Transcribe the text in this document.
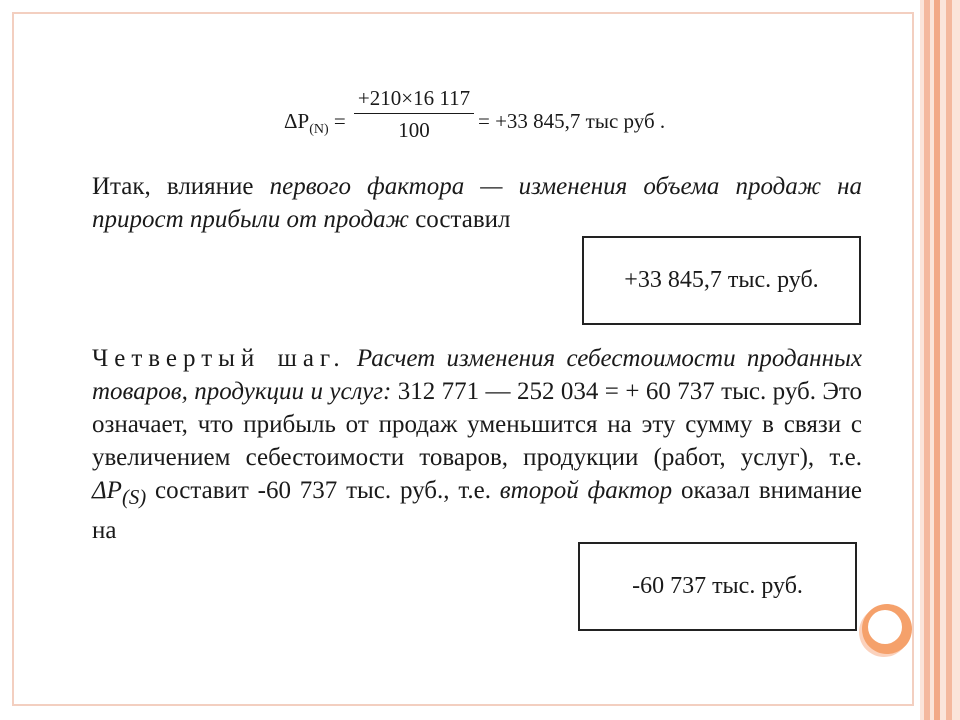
$\Delta P_{(N)} = \frac{+210\times 16 117}{100} = +33$ 845,7 тыс руб .

Итак, влияние первого фактора — изменения объема продаж на прирост прибыли от продаж составил

+33 845,7 тыс. руб.

Четвертый шаг. Расчет изменения себестоимости проданных товаров, продукции и услуг: 312 771 — 252 034 = + 60 737 тыс. руб. Это означает, что прибыль от продаж уменьшится на эту сумму в связи с увеличением себестоимости товаров, продукции (работ, услуг), т.е. $\Delta P_{(S)}$ составит -60 737 тыс. руб., т.е. второй фактор оказал внимание на

-60 737 тыс. руб.
